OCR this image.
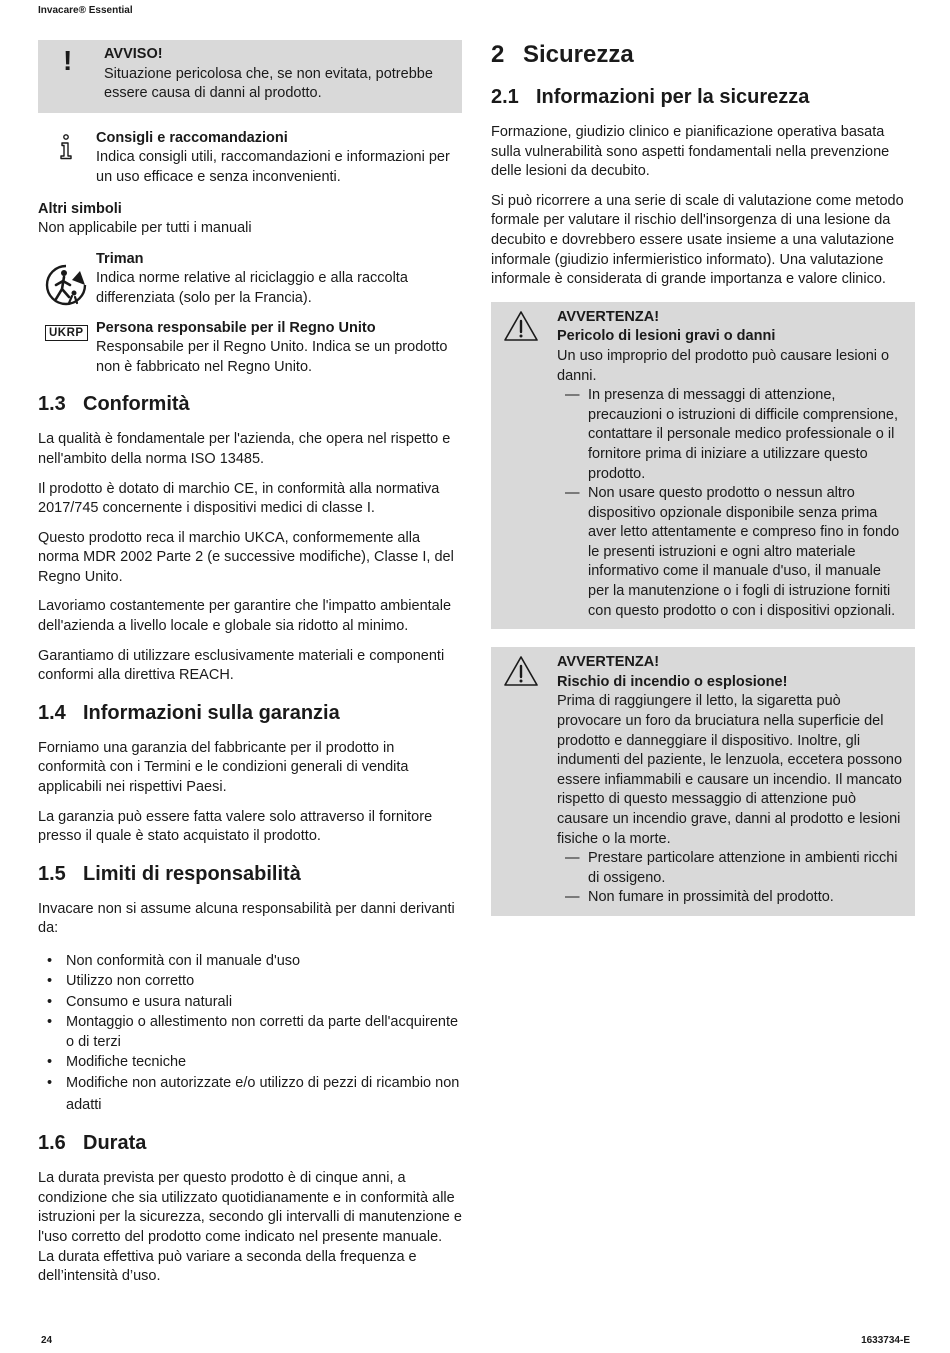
Invacare® Essential
! AVVISO!

Situazione pericolosa che, se non evitata, potrebbe essere causa di danni al prodotto.

Consigli e raccomandazioni

Indica consigli utili, raccomandazioni e informazioni per un uso efficace e senza inconvenienti.

Altri simboli

Non applicabile per tutti i manuali

Triman

Indica norme relative al riciclaggio e alla raccolta differenziata (solo per la Francia).

UKRP Persona responsabile per il Regno Unito

Responsabile per il Regno Unito. Indica se un prodotto non è fabbricato nel Regno Unito.

1.3 Conformità

La qualità è fondamentale per l'azienda, che opera nel rispetto e nell'ambito della norma ISO 13485.

Il prodotto è dotato di marchio CE, in conformità alla normativa 2017/745 concernente i dispositivi medici di classe I.

Questo prodotto reca il marchio UKCA, conformemente alla norma MDR 2002 Parte 2 (e successive modifiche), Classe I, del Regno Unito.

Lavoriamo costantemente per garantire che l'impatto ambientale dell'azienda a livello locale e globale sia ridotto al minimo.

Garantiamo di utilizzare esclusivamente materiali e componenti conformi alla direttiva REACH.

1.4 Informazioni sulla garanzia

Forniamo una garanzia del fabbricante per il prodotto in conformità con i Termini e le condizioni generali di vendita applicabili nei rispettivi Paesi.

La garanzia può essere fatta valere solo attraverso il fornitore presso il quale è stato acquistato il prodotto.

1.5 Limiti di responsabilità

Invacare non si assume alcuna responsabilità per danni derivanti da:

• Non conformità con il manuale d'uso
• Utilizzo non corretto
• Consumo e usura naturali
• Montaggio o allestimento non corretti da parte dell'acquirente o di terzi
• Modifiche tecniche
• Modifiche non autorizzate e/o utilizzo di pezzi di ricambio non adatti
1.6 Durata

La durata prevista per questo prodotto è di cinque anni, a condizione che sia utilizzato quotidianamente e in conformità alle istruzioni per la sicurezza, secondo gli intervalli di manutenzione e l'uso corretto del prodotto come indicato nel presente manuale. La durata effettiva può variare a seconda della frequenza e dell’intensità d’uso.

2 Sicurezza
2.1 Informazioni per la sicurezza

Formazione, giudizio clinico e pianificazione operativa basata sulla vulnerabilità sono aspetti fondamentali nella prevenzione delle lesioni da decubito.

Si può ricorrere a una serie di scale di valutazione come metodo formale per valutare il rischio dell'insorgenza di una lesione da decubito e dovrebbero essere usate insieme a una valutazione informale (giudizio infermieristico informato). Una valutazione informale è considerata di grande importanza e valore clinico.

AVVERTENZA!

Pericolo di lesioni gravi o danni

Un uso improprio del prodotto può causare lesioni o danni.

— In presenza di messaggi di attenzione, precauzioni o istruzioni di difficile comprensione, contattare il personale medico professionale o il fornitore prima di iniziare a utilizzare questo prodotto.
— Non usare questo prodotto o nessun altro dispositivo opzionale disponibile senza prima aver letto attentamente e compreso fino in fondo le presenti istruzioni e ogni altro materiale informativo come il manuale d'uso, il manuale per la manutenzione o i fogli di istruzione forniti con questo prodotto o con i dispositivi opzionali.

AVVERTENZA!

Rischio di incendio o esplosione!

Prima di raggiungere il letto, la sigaretta può provocare un foro da bruciatura nella superficie del prodotto e danneggiare il dispositivo. Inoltre, gli indumenti del paziente, le lenzuola, eccetera possono essere infiammabili e causare un incendio. Il mancato rispetto di questo messaggio di attenzione può causare un incendio grave, danni al prodotto e lesioni fisiche o la morte.

— Prestare particolare attenzione in ambienti ricchi di ossigeno.
— Non fumare in prossimità del prodotto.
24	1633734-E
